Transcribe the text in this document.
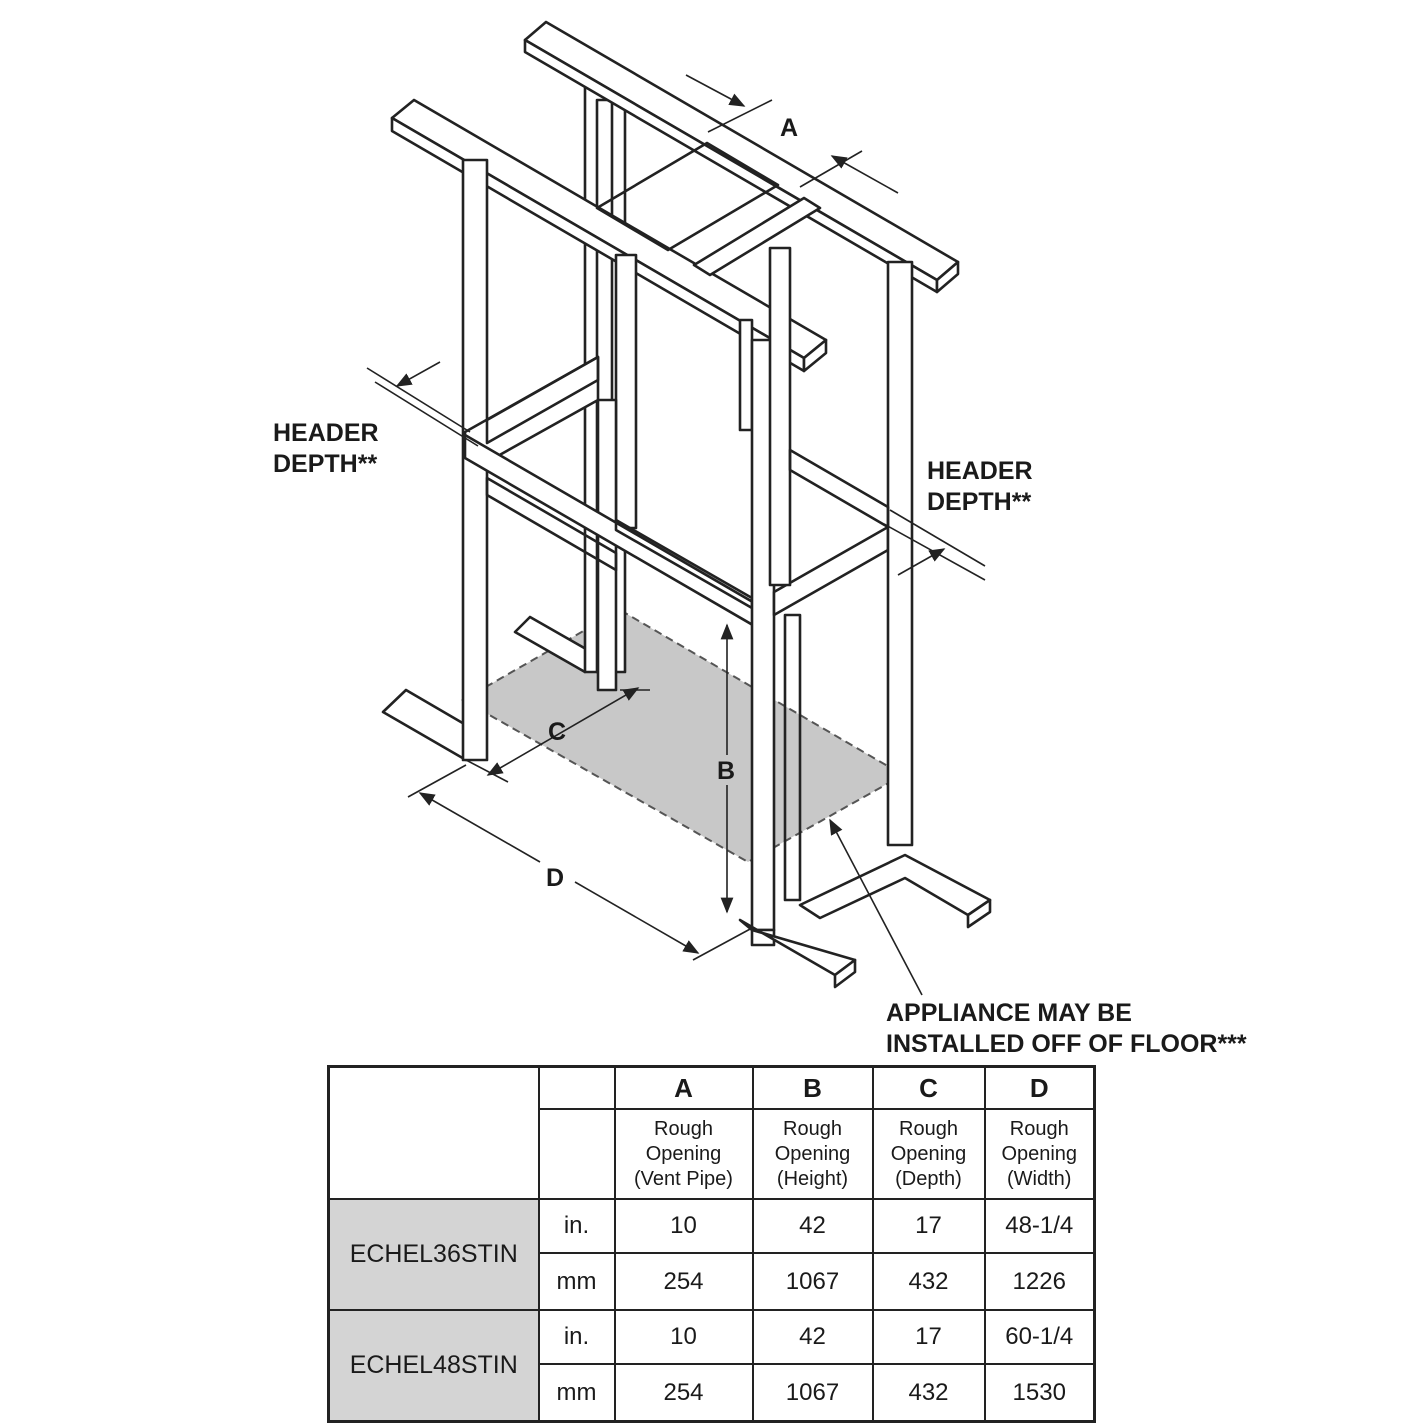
A
HEADER DEPTH**	HEADER DEPTH**
C
B
D
APPLIANCE MAY BE INSTALLED OFF OF FLOOR***
		A	B	C	D
		Rough
Opening
(Vent Pipe)	Rough
Opening
(Height)	Rough
Opening
(Depth)	Rough
Opening
(Width)
ECHEL36STIN	in.	10	42	17	48-1/4
	mm	254	1067	432	1226
ECHEL48STIN	in.	10	42	17	60-1/4
	mm	254	1067	432	1530
